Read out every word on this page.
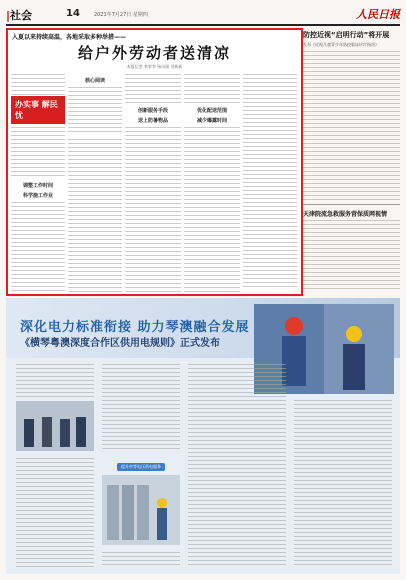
|社会	14	2021年7月27日 星期四	人民日报
入夏以来持续高温，各地采取多种举措——
给户外劳动者送清凉
本报记者 李荣李 杨凤娟 刘新新
办实事 解民忧
调整工作时间
科学施工作业
核心阅读
创新服务手段
送上防暑物品
优化配送范围
减少曝露时间
防控近视“启明行动”将开展
发布《近视儿童青少年防控临床诊疗指南》
天津院流急救服务营保质网视情
深化电力标准衔接 助力琴澳融合发展
《横琴粤澳深度合作区供用电规则》正式发布
提升中等电压供电服务
